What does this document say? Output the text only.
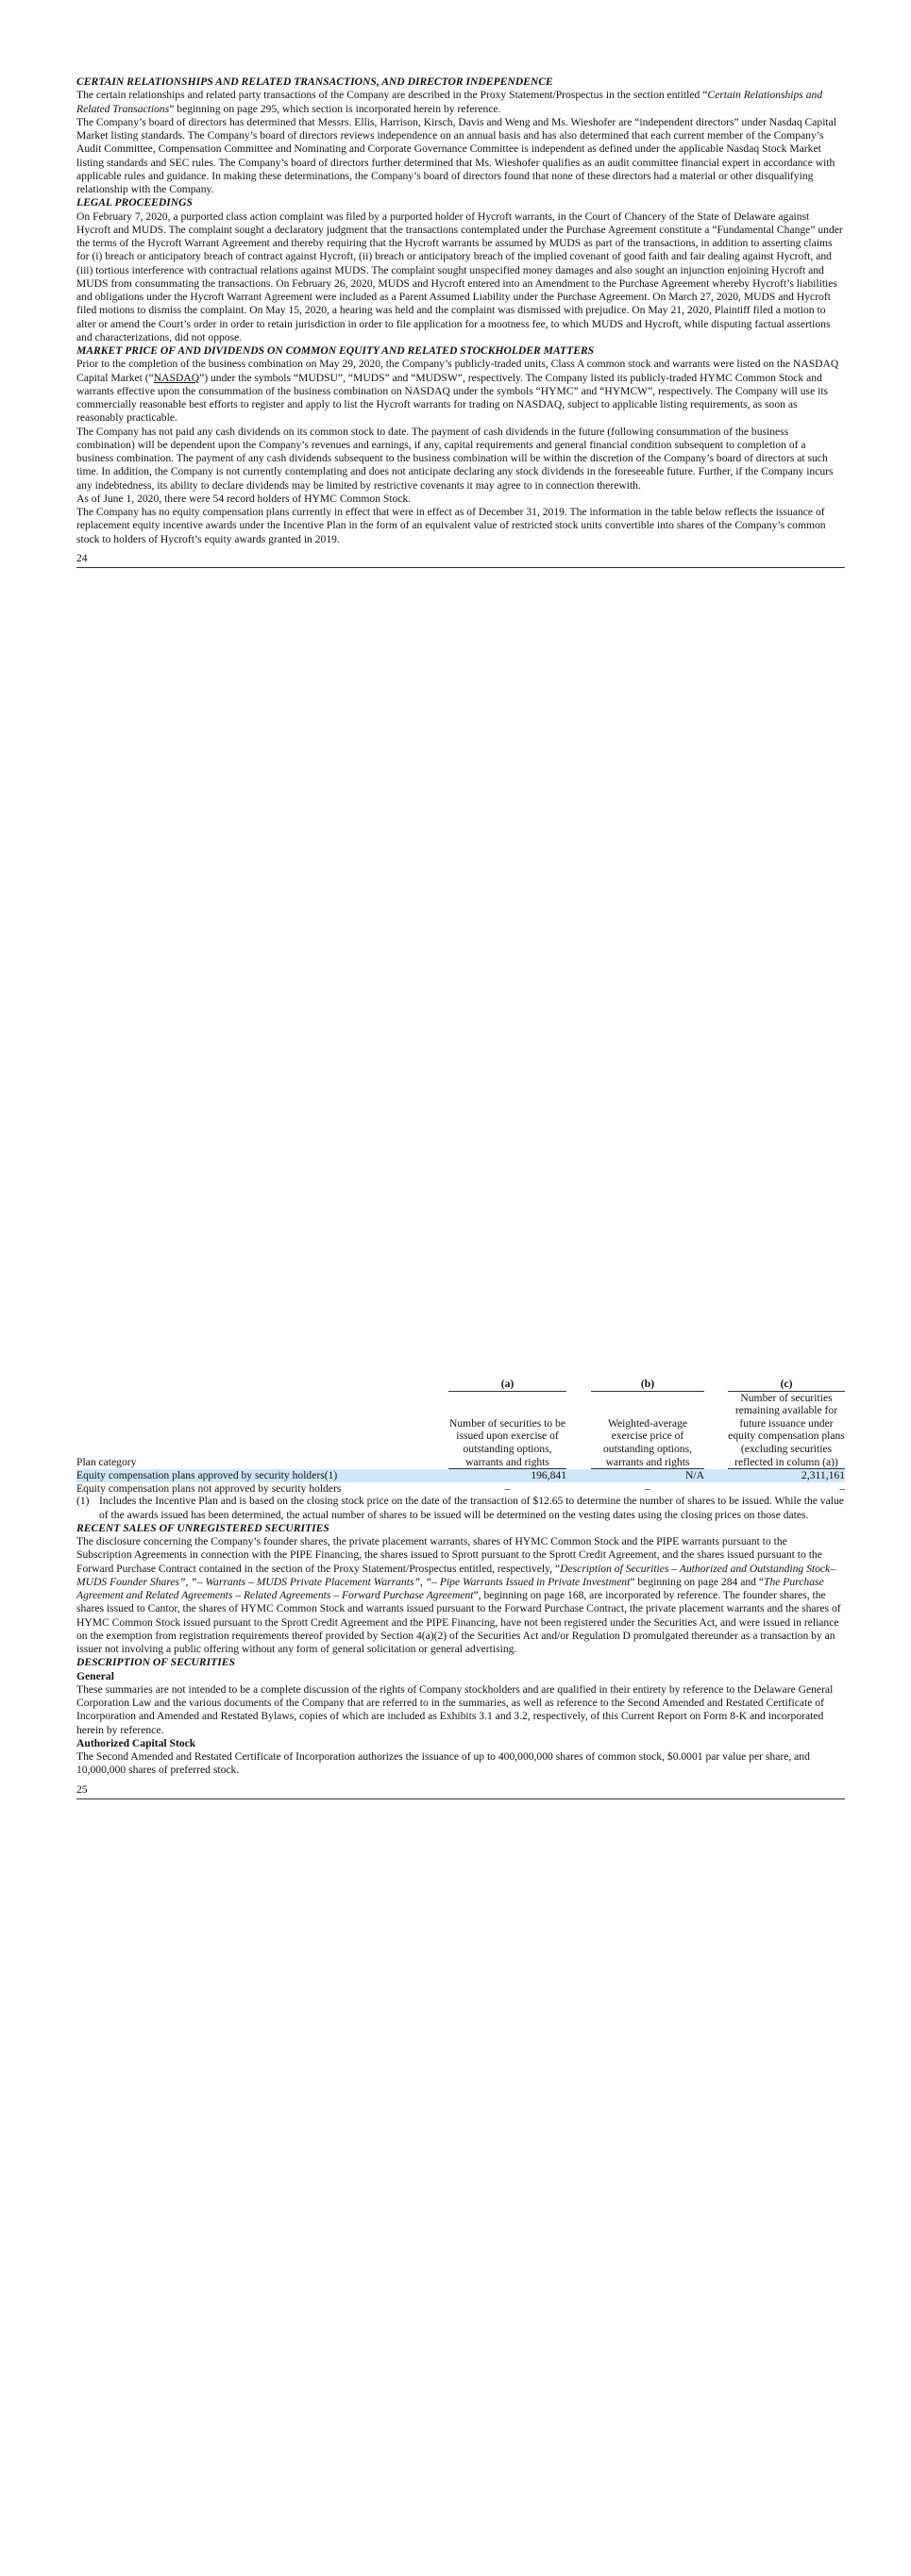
CERTAIN RELATIONSHIPS AND RELATED TRANSACTIONS, AND DIRECTOR INDEPENDENCE

The certain relationships and related party transactions of the Company are described in the Proxy Statement/Prospectus in the section entitled “Certain Relationships and Related Transactions” beginning on page 295, which section is incorporated herein by reference.

The Company’s board of directors has determined that Messrs. Ellis, Harrison, Kirsch, Davis and Weng and Ms. Wieshofer are “independent directors” under Nasdaq Capital Market listing standards. The Company’s board of directors reviews independence on an annual basis and has also determined that each current member of the Company’s Audit Committee, Compensation Committee and Nominating and Corporate Governance Committee is independent as defined under the applicable Nasdaq Stock Market listing standards and SEC rules. The Company’s board of directors further determined that Ms. Wieshofer qualifies as an audit committee financial expert in accordance with applicable rules and guidance. In making these determinations, the Company’s board of directors found that none of these directors had a material or other disqualifying relationship with the Company.

LEGAL PROCEEDINGS

On February 7, 2020, a purported class action complaint was filed by a purported holder of Hycroft warrants, in the Court of Chancery of the State of Delaware against Hycroft and MUDS. The complaint sought a declaratory judgment that the transactions contemplated under the Purchase Agreement constitute a “Fundamental Change” under the terms of the Hycroft Warrant Agreement and thereby requiring that the Hycroft warrants be assumed by MUDS as part of the transactions, in addition to asserting claims for (i) breach or anticipatory breach of contract against Hycroft, (ii) breach or anticipatory breach of the implied covenant of good faith and fair dealing against Hycroft, and (iii) tortious interference with contractual relations against MUDS. The complaint sought unspecified money damages and also sought an injunction enjoining Hycroft and MUDS from consummating the transactions. On February 26, 2020, MUDS and Hycroft entered into an Amendment to the Purchase Agreement whereby Hycroft’s liabilities and obligations under the Hycroft Warrant Agreement were included as a Parent Assumed Liability under the Purchase Agreement. On March 27, 2020, MUDS and Hycroft filed motions to dismiss the complaint. On May 15, 2020, a hearing was held and the complaint was dismissed with prejudice. On May 21, 2020, Plaintiff filed a motion to alter or amend the Court’s order in order to retain jurisdiction in order to file application for a mootness fee, to which MUDS and Hycroft, while disputing factual assertions and characterizations, did not oppose.

MARKET PRICE OF AND DIVIDENDS ON COMMON EQUITY AND RELATED STOCKHOLDER MATTERS

Prior to the completion of the business combination on May 29, 2020, the Company’s publicly-traded units, Class A common stock and warrants were listed on the NASDAQ Capital Market (“NASDAQ”) under the symbols “MUDSU”, “MUDS” and “MUDSW”, respectively. The Company listed its publicly-traded HYMC Common Stock and warrants effective upon the consummation of the business combination on NASDAQ under the symbols “HYMC” and “HYMCW”, respectively. The Company will use its commercially reasonable best efforts to register and apply to list the Hycroft warrants for trading on NASDAQ, subject to applicable listing requirements, as soon as reasonably practicable.

The Company has not paid any cash dividends on its common stock to date. The payment of cash dividends in the future (following consummation of the business combination) will be dependent upon the Company’s revenues and earnings, if any, capital requirements and general financial condition subsequent to completion of a business combination. The payment of any cash dividends subsequent to the business combination will be within the discretion of the Company’s board of directors at such time. In addition, the Company is not currently contemplating and does not anticipate declaring any stock dividends in the foreseeable future. Further, if the Company incurs any indebtedness, its ability to declare dividends may be limited by restrictive covenants it may agree to in connection therewith.

As of June 1, 2020, there were 54 record holders of HYMC Common Stock.

The Company has no equity compensation plans currently in effect that were in effect as of December 31, 2019. The information in the table below reflects the issuance of replacement equity incentive awards under the Incentive Plan in the form of an equivalent value of restricted stock units convertible into shares of the Company’s common stock to holders of Hycroft’s equity awards granted in 2019.

24

	(a)		(b)		(c)
Plan category	Number of securities to be issued upon exercise of outstanding options, warrants and rights		Weighted-average exercise price of outstanding options, warrants and rights		Number of securities remaining available for future issuance under equity compensation plans (excluding securities reflected in column (a))
Equity compensation plans approved by security holders(1)	196,841		N/A		2,311,161
Equity compensation plans not approved by security holders	–		–		–
(1) Includes the Incentive Plan and is based on the closing stock price on the date of the transaction of $12.65 to determine the number of shares to be issued. While the value of the awards issued has been determined, the actual number of shares to be issued will be determined on the vesting dates using the closing prices on those dates.
RECENT SALES OF UNREGISTERED SECURITIES

The disclosure concerning the Company’s founder shares, the private placement warrants, shares of HYMC Common Stock and the PIPE warrants pursuant to the Subscription Agreements in connection with the PIPE Financing, the shares issued to Sprott pursuant to the Sprott Credit Agreement, and the shares issued pursuant to the Forward Purchase Contract contained in the section of the Proxy Statement/Prospectus entitled, respectively, “Description of Securities – Authorized and Outstanding Stock– MUDS Founder Shares”, “– Warrants – MUDS Private Placement Warrants”, “– Pipe Warrants Issued in Private Investment” beginning on page 284 and “The Purchase Agreement and Related Agreements – Related Agreements – Forward Purchase Agreement”, beginning on page 168, are incorporated by reference. The founder shares, the shares issued to Cantor, the shares of HYMC Common Stock and warrants issued pursuant to the Forward Purchase Contract, the private placement warrants and the shares of HYMC Common Stock issued pursuant to the Sprott Credit Agreement and the PIPE Financing, have not been registered under the Securities Act, and were issued in reliance on the exemption from registration requirements thereof provided by Section 4(a)(2) of the Securities Act and/or Regulation D promulgated thereunder as a transaction by an issuer not involving a public offering without any form of general solicitation or general advertising.

DESCRIPTION OF SECURITIES
General

These summaries are not intended to be a complete discussion of the rights of Company stockholders and are qualified in their entirety by reference to the Delaware General Corporation Law and the various documents of the Company that are referred to in the summaries, as well as reference to the Second Amended and Restated Certificate of Incorporation and Amended and Restated Bylaws, copies of which are included as Exhibits 3.1 and 3.2, respectively, of this Current Report on Form 8-K and incorporated herein by reference.

Authorized Capital Stock

The Second Amended and Restated Certificate of Incorporation authorizes the issuance of up to 400,000,000 shares of common stock, $0.0001 par value per share, and 10,000,000 shares of preferred stock.

25
